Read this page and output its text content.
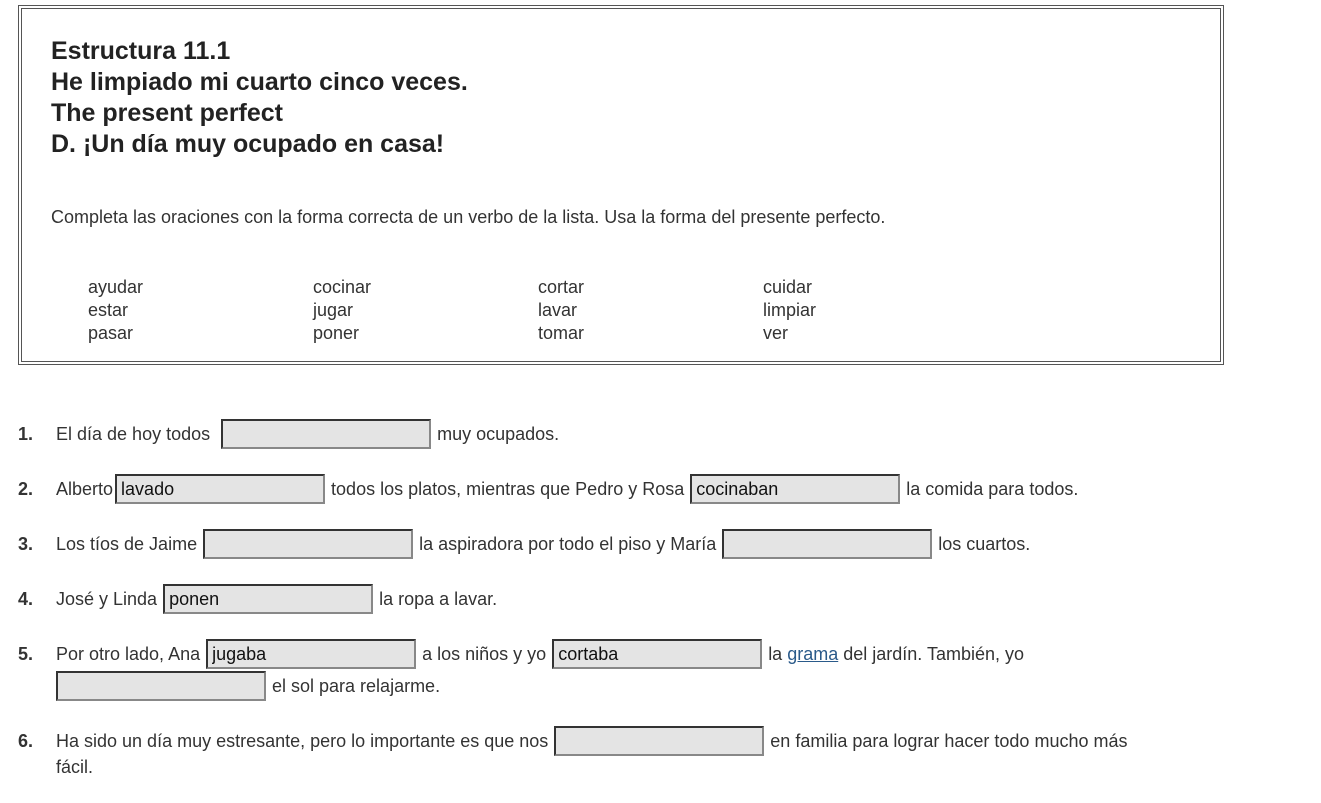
Estructura 11.1
He limpiado mi cuarto cinco veces.
The present perfect
D. ¡Un día muy ocupado en casa!
Completa las oraciones con la forma correcta de un verbo de la lista. Usa la forma del presente perfecto.
ayudar	cocinar	cortar	cuidar
estar	jugar	lavar	limpiar
pasar	poner	tomar	ver
1.	El día de hoy todos	muy ocupados.
2.	Alberto
lavado	todos los platos, mientras que Pedro y Rosa
cocinaban	la comida para todos.
3.	Los tíos de Jaime	la aspiradora por todo el piso y María	los cuartos.
4.	José y Linda
ponen	la ropa a lavar.
5.	Por otro lado, Ana
jugaba	a los niños y yo
cortaba	la grama del jardín. También, yo
el sol para relajarme.
6.	Ha sido un día muy estresante, pero lo importante es que nos	en familia para lograr hacer todo mucho más
fácil.
